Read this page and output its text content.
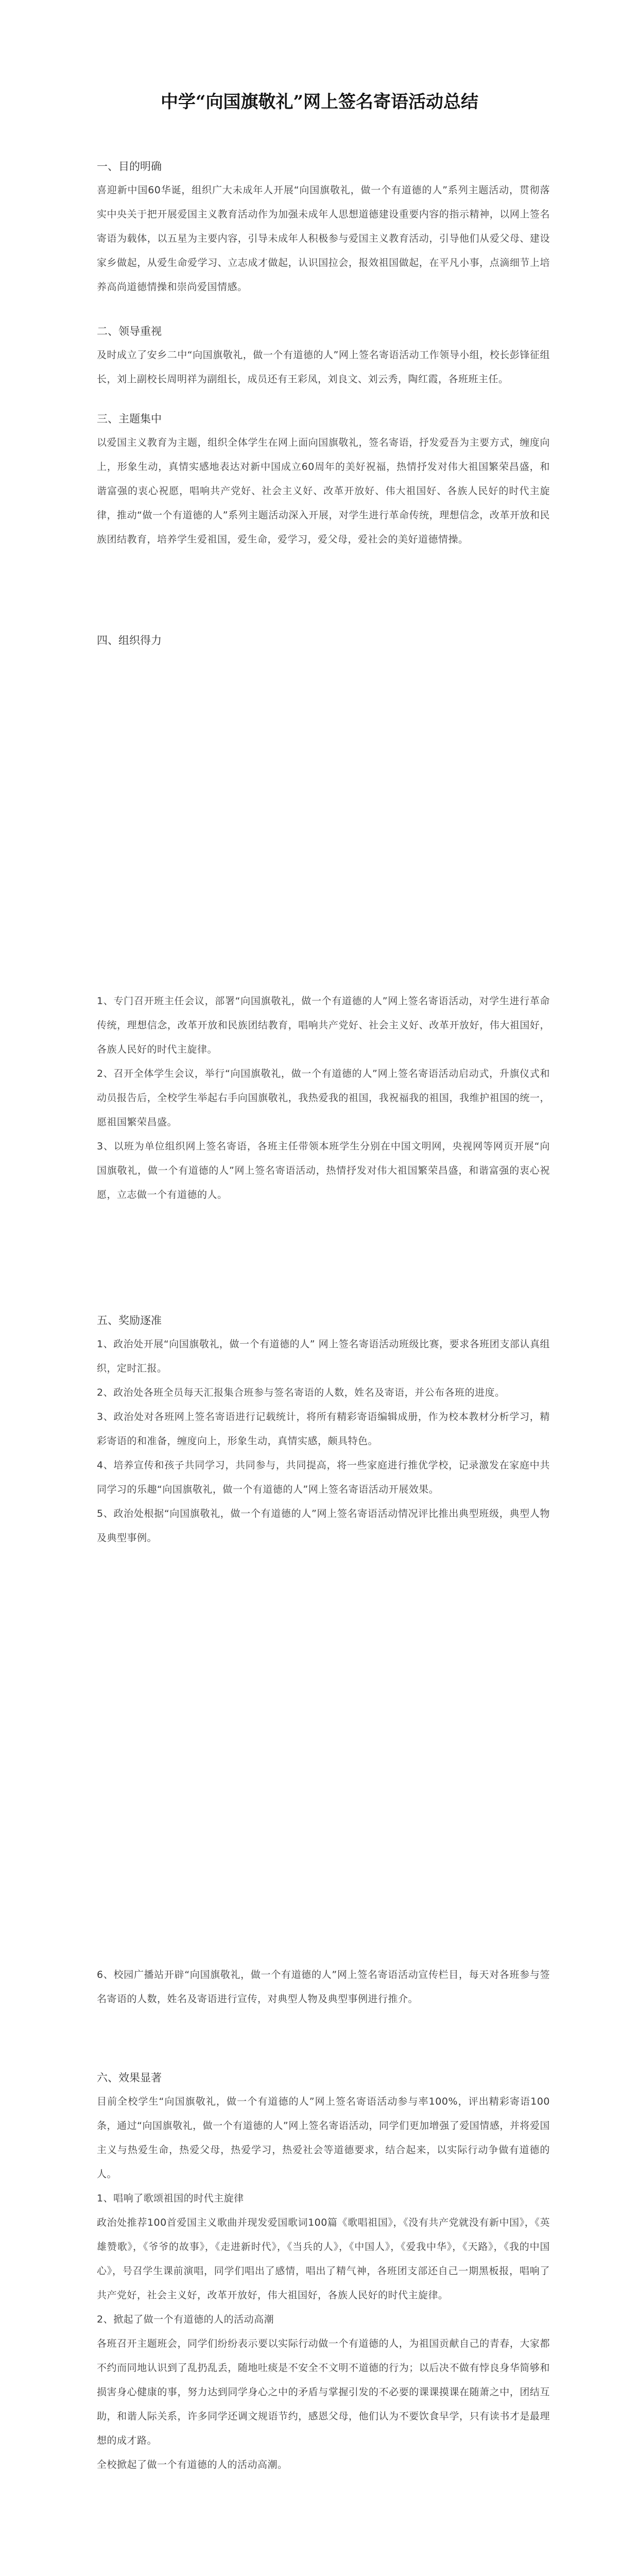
中学“向国旗敬礼”网上签名寄语活动总结

一、目的明确

喜迎新中国60华诞，组织广大未成年人开展“向国旗敬礼，做一个有道德的人”系列主题活动，贯彻落实中央关于把开展爱国主义教育活动作为加强未成年人思想道德建设重要内容的指示精神，以网上签名寄语为载体，以五星为主要内容，引导未成年人积极参与爱国主义教育活动，引导他们从爱父母、建设家乡做起，从爱生命爱学习、立志成才做起，认识国拉会，报效祖国做起，在平凡小事，点滴细节上培养高尚道德情操和崇尚爱国情感。

二、领导重视

及时成立了安乡二中“向国旗敬礼，做一个有道德的人”网上签名寄语活动工作领导小组，校长彭锋征组长，刘上副校长周明祥为副组长，成员还有王彩凤，刘良文、刘云秀，陶红霞，各班班主任。

三、主题集中

以爱国主义教育为主题，组织全体学生在网上面向国旗敬礼，签名寄语，抒发爱吾为主要方式，缠度向上，形象生动，真情实感地表达对新中国成立60周年的美好祝福，热情抒发对伟大祖国繁荣昌盛，和谐富强的衷心祝愿，唱响共产党好、社会主义好、改革开放好、伟大祖国好、各族人民好的时代主旋律，推动“做一个有道德的人”系列主题活动深入开展，对学生进行革命传统，理想信念，改革开放和民族团结教育，培养学生爱祖国，爱生命，爱学习，爱父母，爱社会的美好道德情操。

四、组织得力

1、专门召开班主任会议，部署“向国旗敬礼，做一个有道德的人”网上签名寄语活动，对学生进行革命传统，理想信念，改革开放和民族团结教育，唱响共产党好、社会主义好、改革开放好，伟大祖国好，各族人民好的时代主旋律。

2、召开全体学生会议，举行“向国旗敬礼，做一个有道德的人”网上签名寄语活动启动式，升旗仪式和动员报告后，全校学生举起右手向国旗敬礼，我热爱我的祖国，我祝福我的祖国，我维护祖国的统一，愿祖国繁荣昌盛。

3、以班为单位组织网上签名寄语，各班主任带领本班学生分别在中国文明网，央视网等网页开展“向国旗敬礼，做一个有道德的人”网上签名寄语活动，热情抒发对伟大祖国繁荣昌盛，和谐富强的衷心祝愿，立志做一个有道德的人。

五、奖励逐准

1、政治处开展“向国旗敬礼，做一个有道德的人” 网上签名寄语活动班级比赛，要求各班团支部认真组织，定时汇报。

2、政治处各班全员每天汇报集合班参与签名寄语的人数，姓名及寄语，并公布各班的进度。

3、政治处对各班网上签名寄语进行记载统计，将所有精彩寄语编辑成册，作为校本教材分析学习，精彩寄语的和准备，缠度向上，形象生动，真情实感，颇具特色。

4、培养宣传和孩子共同学习，共同参与，共同提高，将一些家庭进行推优学校，记录激发在家庭中共同学习的乐趣“向国旗敬礼，做一个有道德的人”网上签名寄语活动开展效果。

5、政治处根据“向国旗敬礼，做一个有道德的人”网上签名寄语活动情况评比推出典型班级，典型人物及典型事例。

6、校园广播站开辟“向国旗敬礼，做一个有道德的人”网上签名寄语活动宣传栏目，每天对各班参与签名寄语的人数，姓名及寄语进行宣传，对典型人物及典型事例进行推介。

六、效果显著

目前全校学生“向国旗敬礼，做一个有道德的人”网上签名寄语活动参与率100%，评出精彩寄语100条，通过“向国旗敬礼，做一个有道德的人”网上签名寄语活动，同学们更加增强了爱国情感，并将爱国主义与热爱生命，热爱父母，热爱学习，热爱社会等道德要求，结合起来，以实际行动争做有道德的人。

1、唱响了歌颂祖国的时代主旋律

政治处推荐100首爱国主义歌曲并现发爱国歌词100篇《歌唱祖国》，《没有共产党就没有新中国》，《英雄赞歌》，《爷爷的故事》，《走进新时代》，《当兵的人》，《中国人》，《爱我中华》，《天路》，《我的中国心》，号召学生课前演唱，同学们唱出了感情，唱出了精气神，各班团支部还自己一期黑板报，唱响了共产党好，社会主义好，改革开放好，伟大祖国好，各族人民好的时代主旋律。

2、掀起了做一个有道德的人的活动高潮

各班召开主题班会，同学们纷纷表示要以实际行动做一个有道德的人，为祖国贡献自己的青春，大家都不约而同地认识到了乱扔乱丢，随地吐痰是不安全不文明不道德的行为；以后决不做有悖良身华简够和损害身心健康的事，努力达到同学身心之中的矛盾与掌握引发的不必要的课课摸课在随萧之中，团结互助，和谐人际关系，许多同学还调文规语节约，感恩父母，他们认为不要饮食早学，只有读书才是最理想的成才路。

全校掀起了做一个有道德的人的活动高潮。
